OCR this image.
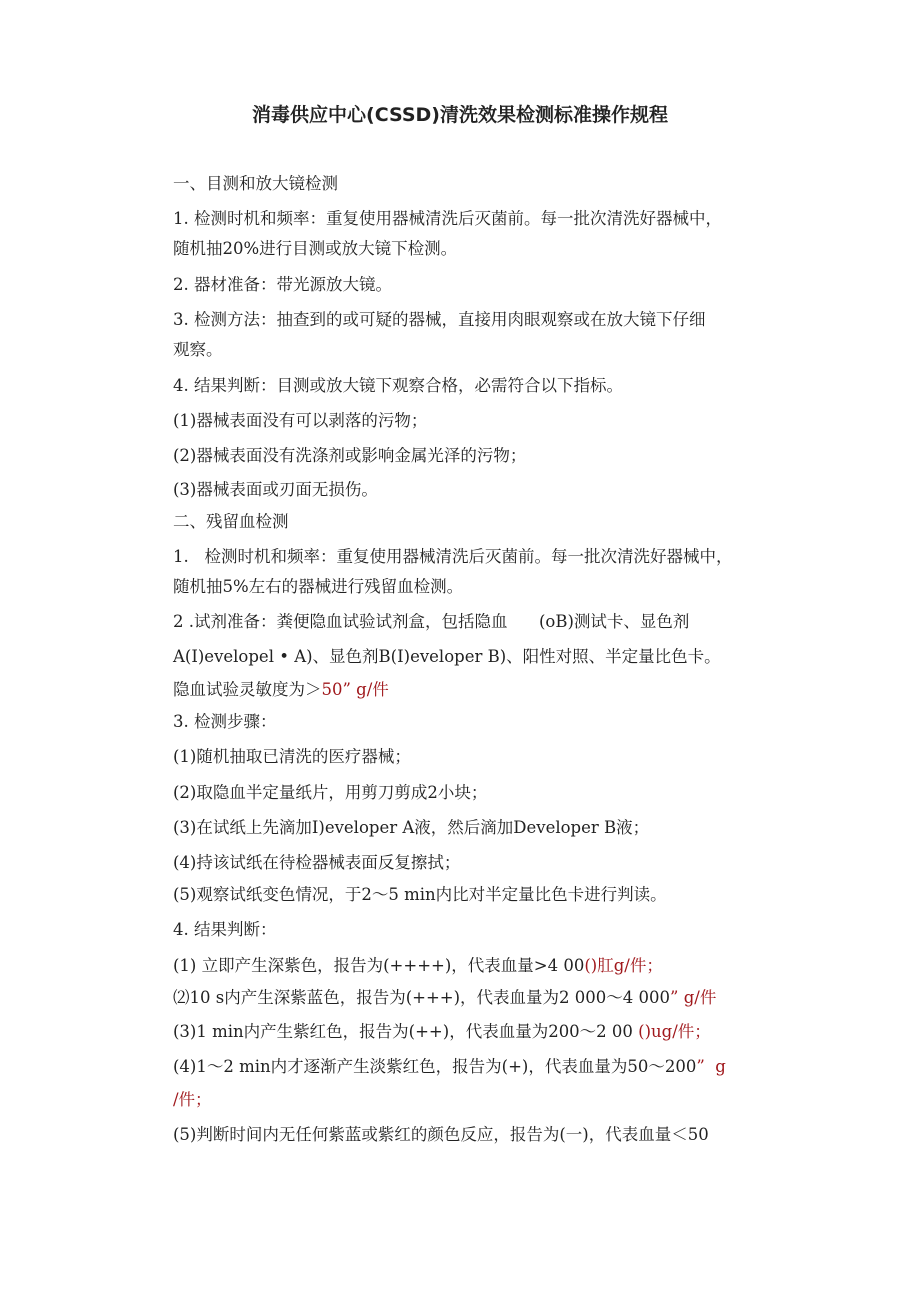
消毒供应中心(CSSD)清洗效果检测标准操作规程
一、目测和放大镜检测
1. 检测时机和频率：重复使用器械清洗后灭菌前。每一批次清洗好器械中，
随机抽20%进行目测或放大镜下检测。
2. 器材准备：带光源放大镜。
3. 检测方法：抽查到的或可疑的器械，直接用肉眼观察或在放大镜下仔细
观察。
4. 结果判断：目测或放大镜下观察合格，必需符合以下指标。
(1)器械表面没有可以剥落的污物；
(2)器械表面没有洗涤剂或影响金属光泽的污物；
(3)器械表面或刃面无损伤。
二、残留血检测
1.   检测时机和频率：重复使用器械清洗后灭菌前。每一批次清洗好器械中，
随机抽5%左右的器械进行残留血检测。
2 .试剂准备：粪便隐血试验试剂盒，包括隐血      (oB)测试卡、显色剂
A(I)evelopel • A)、显色剂B(I)eveloper B)、阳性对照、半定量比色卡。
隐血试验灵敏度为＞50” g/件
3. 检测步骤：
(1)随机抽取已清洗的医疗器械；
(2)取隐血半定量纸片，用剪刀剪成2小块；
(3)在试纸上先滴加I)eveloper A液，然后滴加Developer B液；
(4)持该试纸在待检器械表面反复擦拭；
(5)观察试纸变色情况，于2～5 min内比对半定量比色卡进行判读。
4. 结果判断：
(1) 立即产生深紫色，报告为(++++)，代表血量>4 00()肛g/件；
⑵10 s内产生深紫蓝色，报告为(+++)，代表血量为2 000～4 000” g/件
(3)1 min内产生紫红色，报告为(++)，代表血量为200～2 00 ()ug/件；
(4)1～2 min内才逐渐产生淡紫红色，报告为(+)，代表血量为50～200”  g
/件；
(5)判断时间内无任何紫蓝或紫红的颜色反应，报告为(一)，代表血量＜50
